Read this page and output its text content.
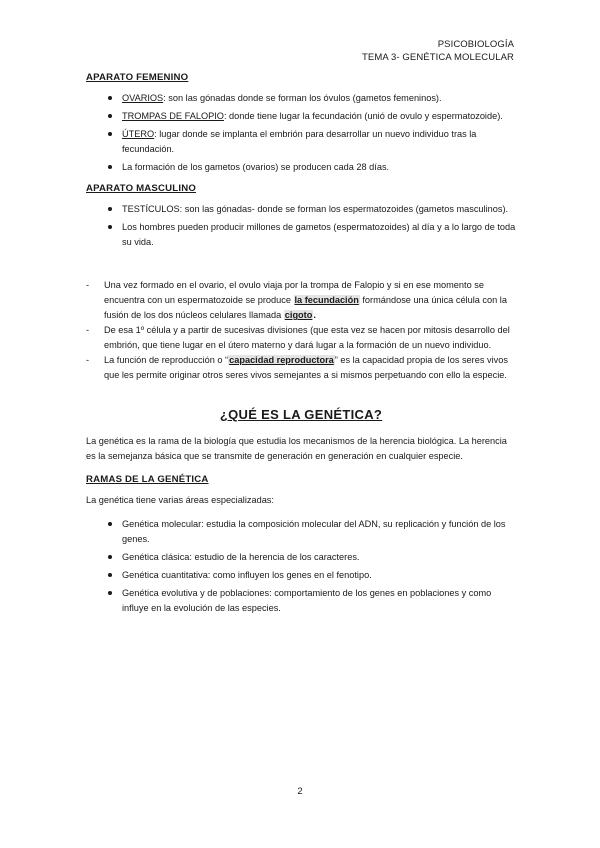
PSICOBIOLOGÍA
TEMA 3- GENÉTICA MOLECULAR
APARATO FEMENINO
OVARIOS: son las gónadas donde se forman los óvulos (gametos femeninos).
TROMPAS DE FALOPIO: donde tiene lugar la fecundación (unió de ovulo y espermatozoide).
ÚTERO: lugar donde se implanta el embrión para desarrollar un nuevo individuo tras la fecundación.
La formación de los gametos (ovarios) se producen cada 28 días.
APARATO MASCULINO
TESTÍCULOS: son las gónadas- donde se forman los espermatozoides (gametos masculinos).
Los hombres pueden producir millones de gametos (espermatozoides) al día y a lo largo de toda su vida.
- Una vez formado en el ovario, el ovulo viaja por la trompa de Falopio y si en ese momento se encuentra con un espermatozoide se produce la fecundación formándose una única célula con la fusión de los dos núcleos celulares llamada cigoto.
- De esa 1º célula y a partir de sucesivas divisiones (que esta vez se hacen por mitosis desarrollo del embrión, que tiene lugar en el útero materno y dará lugar a la formación de un nuevo individuo.
- La función de reproducción o “capacidad reproductora” es la capacidad propia de los seres vivos que les permite originar otros seres vivos semejantes a si mismos perpetuando con ello la especie.
¿QUÉ ES LA GENÉTICA?

La genética es la rama de la biología que estudia los mecanismos de la herencia biológica. La herencia es la semejanza básica que se transmite de generación en generación en cualquier especie.

RAMAS DE LA GENÉTICA

La genética tiene varias áreas especializadas:

Genética molecular: estudia la composición molecular del ADN, su replicación y función de los genes.
Genética clásica: estudio de la herencia de los caracteres.
Genética cuantitativa: como influyen los genes en el fenotipo.
Genética evolutiva y de poblaciones: comportamiento de los genes en poblaciones y como influye en la evolución de las especies.
2
